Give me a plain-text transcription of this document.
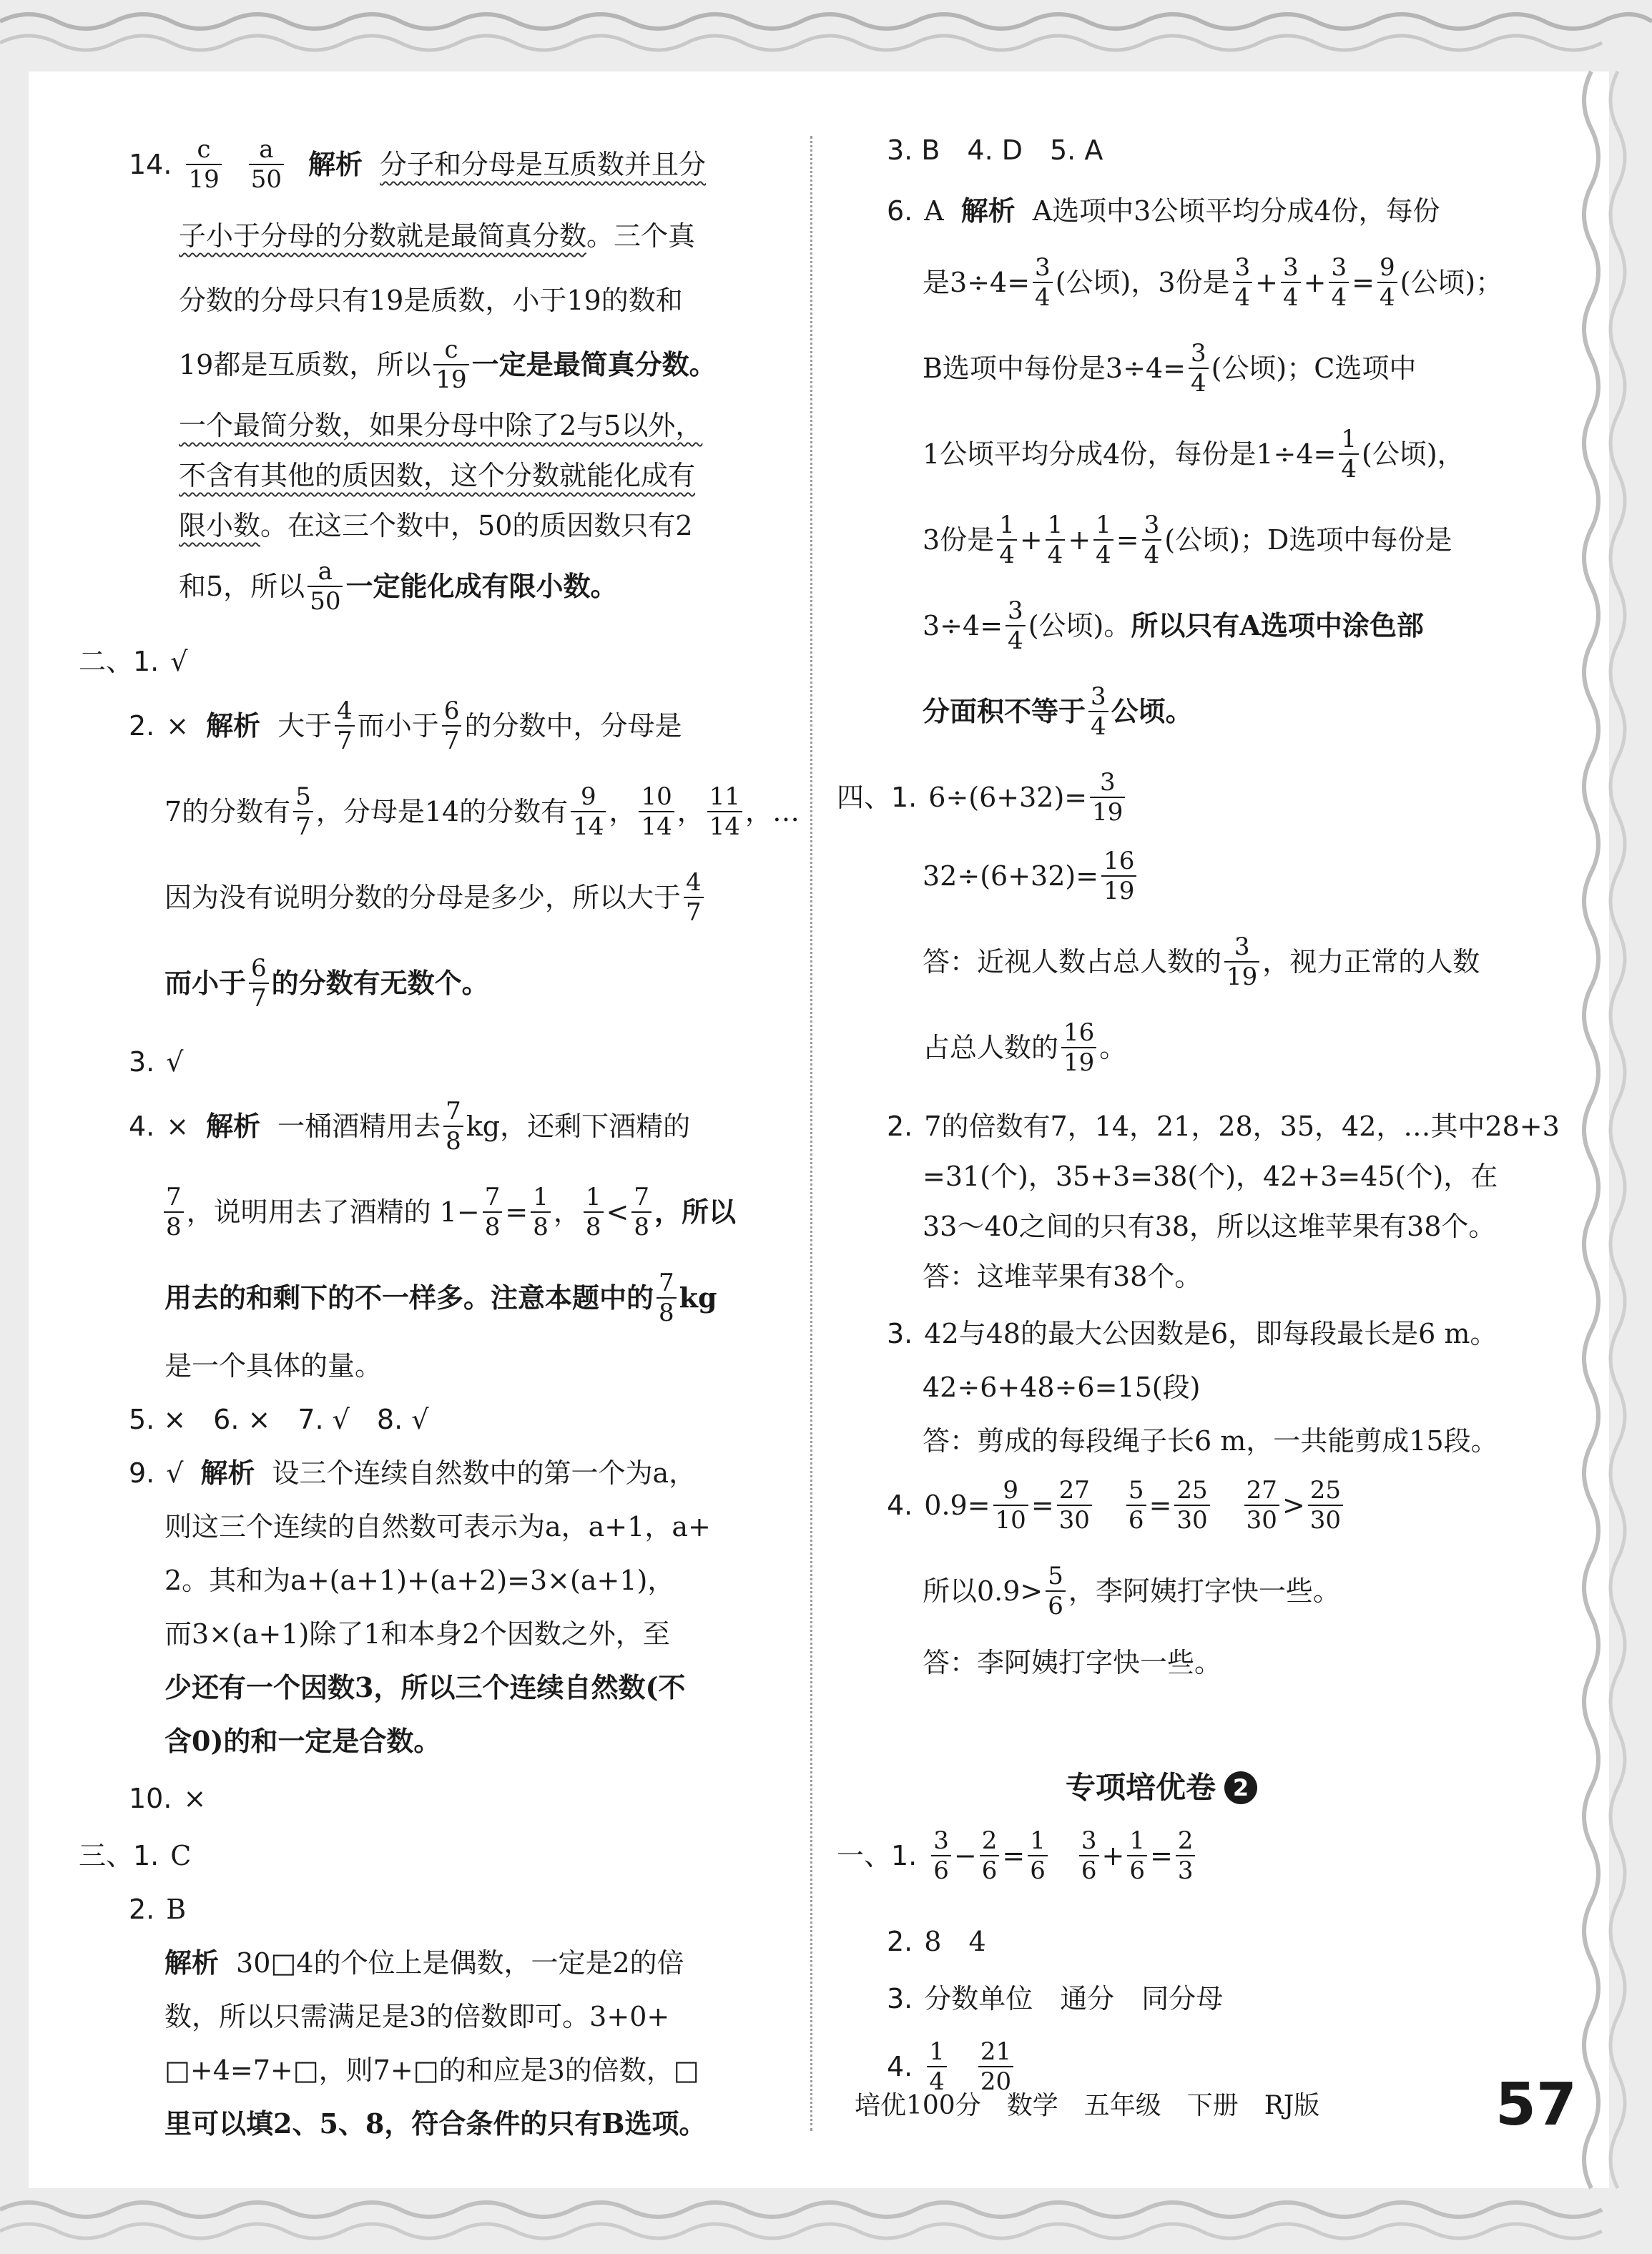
14. c
19
a
50 解析 分子和分母是互质数并且分
子小于分母的分数就是最简真分数 。三个真
分数的分母只有19是质数，小于19的数和
19都是互质数，所以 c
19 一定是最简真分数。
一个最简分数，如果分母中除了2与5以外，
不含有其他的质因数，这个分数就能化成有
限小数 。在这三个数中，50的质因数只有2
和5，所以 a
50 一定能化成有限小数。
二、1. √
2. × 解析 大于 4
7 而小于 6
7 的分数中，分母是
7的分数有 5
7 ，分母是14的分数有 9
14 ， 10
14 ， 11
14 ，…
因为没有说明分数的分母是多少，所以大于 4
7
而小于 6
7 的分数有无数个。
3. √
4. × 解析 一桶酒精用去 7
8 kg，还剩下酒精的
7
8 ，说明用去了酒精的 $1- \frac{7}{8} = \frac{1}{8}$ ， 1
8 < 7
8 ，所以
用去的和剩下的不一样多。注意本题中的 7
8 kg
是一个具体的量。
5. ×　6. ×　7. √　8. √
9. √ 解析 设三个连续自然数中的第一个为a，
则这三个连续的自然数可表示为a，a+1，a+
2。其和为a+(a+1)+(a+2)=3×(a+1)，
而3×(a+1)除了1和本身2个因数之外，至
少还有一个因数3，所以三个连续自然数(不
含0)的和一定是合数。
10. ×
三、1. C
2. B
解析 30□4的个位上是偶数，一定是2的倍
数，所以只需满足是3的倍数即可。3+0+
□+4=7+□，则7+□的和应是3的倍数，□
里可以填2、5、8，符合条件的只有B选项。
3. B　4. D　5. A
6. A 解析 A选项中3公顷平均分成4份，每份
是$3\div 4= \frac{3}{4}$ (公顷)，3份是 3
4 + 3
4 + 3
4 = 9
4 (公顷)；
B选项中每份是$3\div 4= \frac{3}{4}$ (公顷)；C选项中
1公顷平均分成4份，每份是$1\div 4= \frac{1}{4}$ (公顷)，
3份是 1
4 + 1
4 + 1
4 = 3
4 (公顷)；D选项中每份是
$3\div 4= \frac{3}{4}$ (公顷)。 所以只有A选项中涂色部
分面积不等于 3
4 公顷。
四、1. $6\div(6+32)= \frac{3}{19}$
$32\div(6+32)= \frac{16}{19}$
答：近视人数占总人数的 3
19 ，视力正常的人数
占总人数的 16
19 。
2. 7的倍数有7，14，21，28，35，42，…其中28+3
=31(个)，35+3=38(个)，42+3=45(个)，在
33～40之间的只有38，所以这堆苹果有38个。
答：这堆苹果有38个。
3. 42与48的最大公因数是6，即每段最长是6 m。
42÷6+48÷6=15(段)
答：剪成的每段绳子长6 m，一共能剪成15段。
4. $0.9= \frac{9}{10} = 27$
30
5
6 = 25
30
27
30 > 25
30
所以0.9> 5
6 ，李阿姨打字快一些。
答：李阿姨打字快一些。
专项培优卷 2
一、1. 3
6 − 2
6 = 1
6
3
6 + 1
6 = 2
3
2. 8　4
3. 分数单位　通分　同分母
4. 1
4
21
20
培优100分　数学　五年级　下册　RJ版	57
